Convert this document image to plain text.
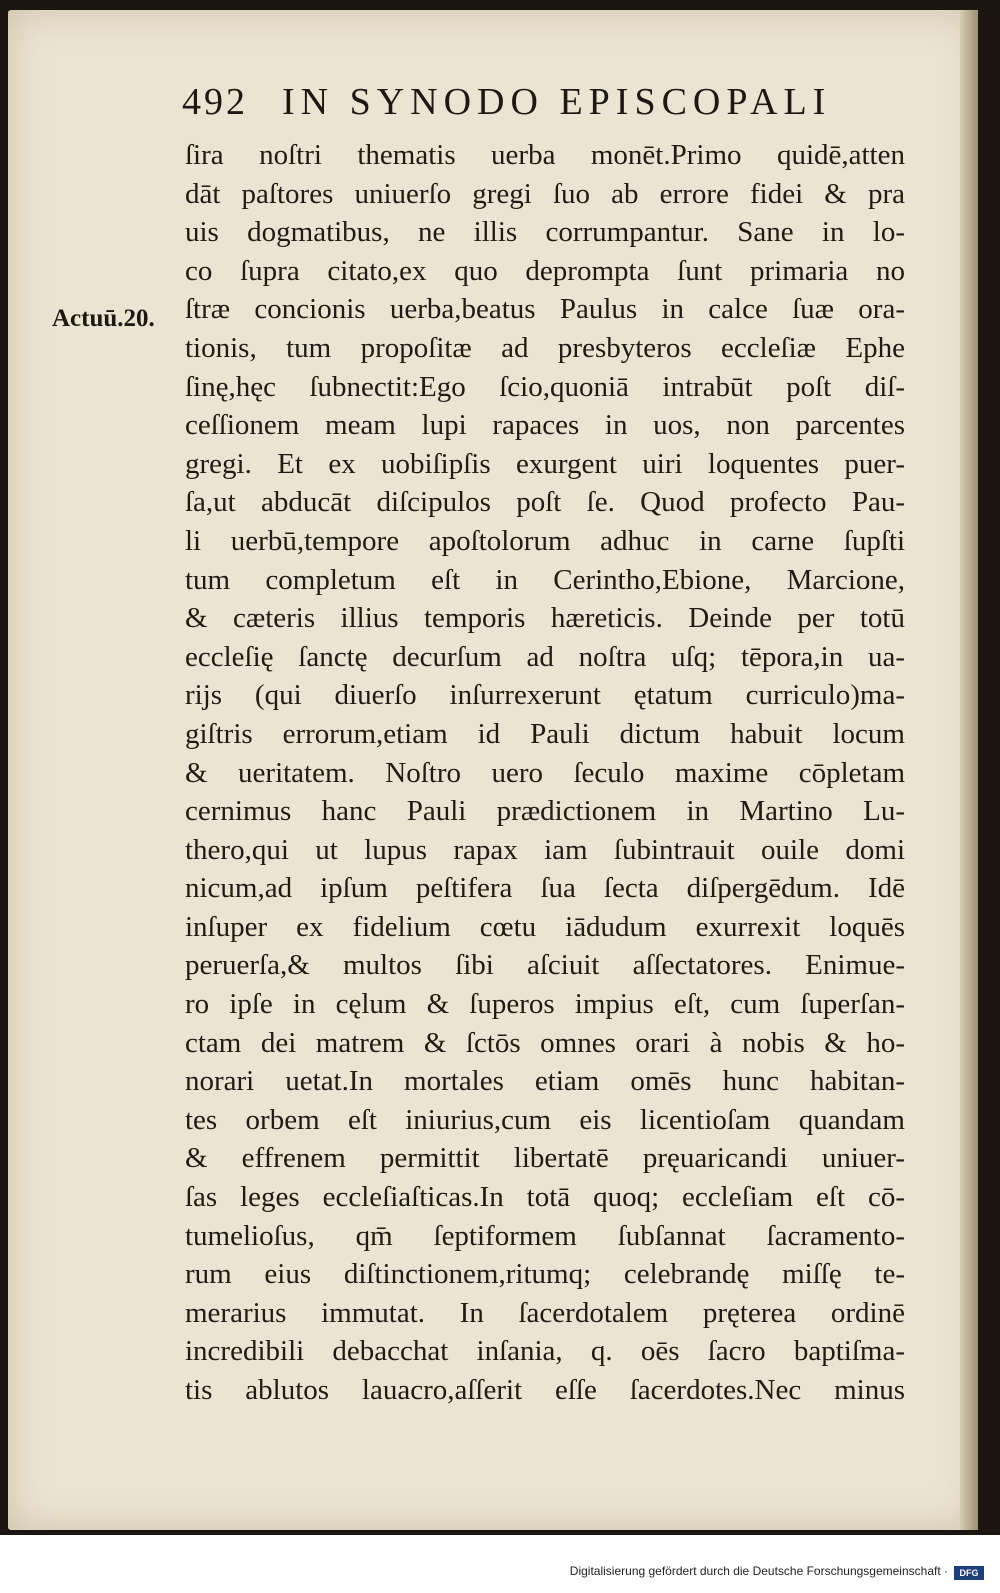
492 IN SYNODO EPISCOPALI
Actuū.20.
ſira noſtri thematis uerba monēt.Primo quidē,atten
dāt paſtores uniuerſo gregi ſuo ab errore fidei & pra
uis dogmatibus, ne illis corrumpantur. Sane in lo-
co ſupra citato,ex quo deprompta ſunt primaria no
ſtræ concionis uerba,beatus Paulus in calce ſuæ ora-
tionis, tum propoſitæ ad presbyteros eccleſiæ Ephe
ſinę,hęc ſubnectit:Ego ſcio,quoniā intrabūt poſt diſ-
ceſſionem meam lupi rapaces in uos, non parcentes
gregi. Et ex uobiſipſis exurgent uiri loquentes puer-
ſa,ut abducāt diſcipulos poſt ſe. Quod profecto Pau-
li uerbū,tempore apoſtolorum adhuc in carne ſupſti
tum completum eſt in Cerintho,Ebione, Marcione,
& cæteris illius temporis hæreticis. Deinde per totū
eccleſię ſanctę decurſum ad noſtra uſq; tēpora,in ua-
rijs (qui diuerſo inſurrexerunt ętatum curriculo)ma-
giſtris errorum,etiam id Pauli dictum habuit locum
& ueritatem. Noſtro uero ſeculo maxime cōpletam
cernimus hanc Pauli prædictionem in Martino Lu-
thero,qui ut lupus rapax iam ſubintrauit ouile domi
nicum,ad ipſum peſtifera ſua ſecta diſpergēdum. Idē
inſuper ex fidelium cœtu iādudum exurrexit loquēs
peruerſa,& multos ſibi aſciuit aſſectatores. Enimue-
ro ipſe in cęlum & ſuperos impius eſt, cum ſuperſan-
ctam dei matrem & ſctōs omnes orari à nobis & ho-
norari uetat.In mortales etiam omēs hunc habitan-
tes orbem eſt iniurius,cum eis licentioſam quandam
& effrenem permittit libertatē pręuaricandi uniuer-
ſas leges eccleſiaſticas.In totā quoq; eccleſiam eſt cō-
tumelioſus, qm̄ ſeptiformem ſubſannat ſacramento-
rum eius diſtinctionem,ritumq; celebrandę miſſę te-
merarius immutat. In ſacerdotalem pręterea ordinē
incredibili debacchat inſania, q. oēs ſacro baptiſma-
tis ablutos lauacro,aſſerit eſſe ſacerdotes.Nec minus
Digitalisierung gefördert durch die Deutsche Forschungsgemeinschaft ·	DFG
